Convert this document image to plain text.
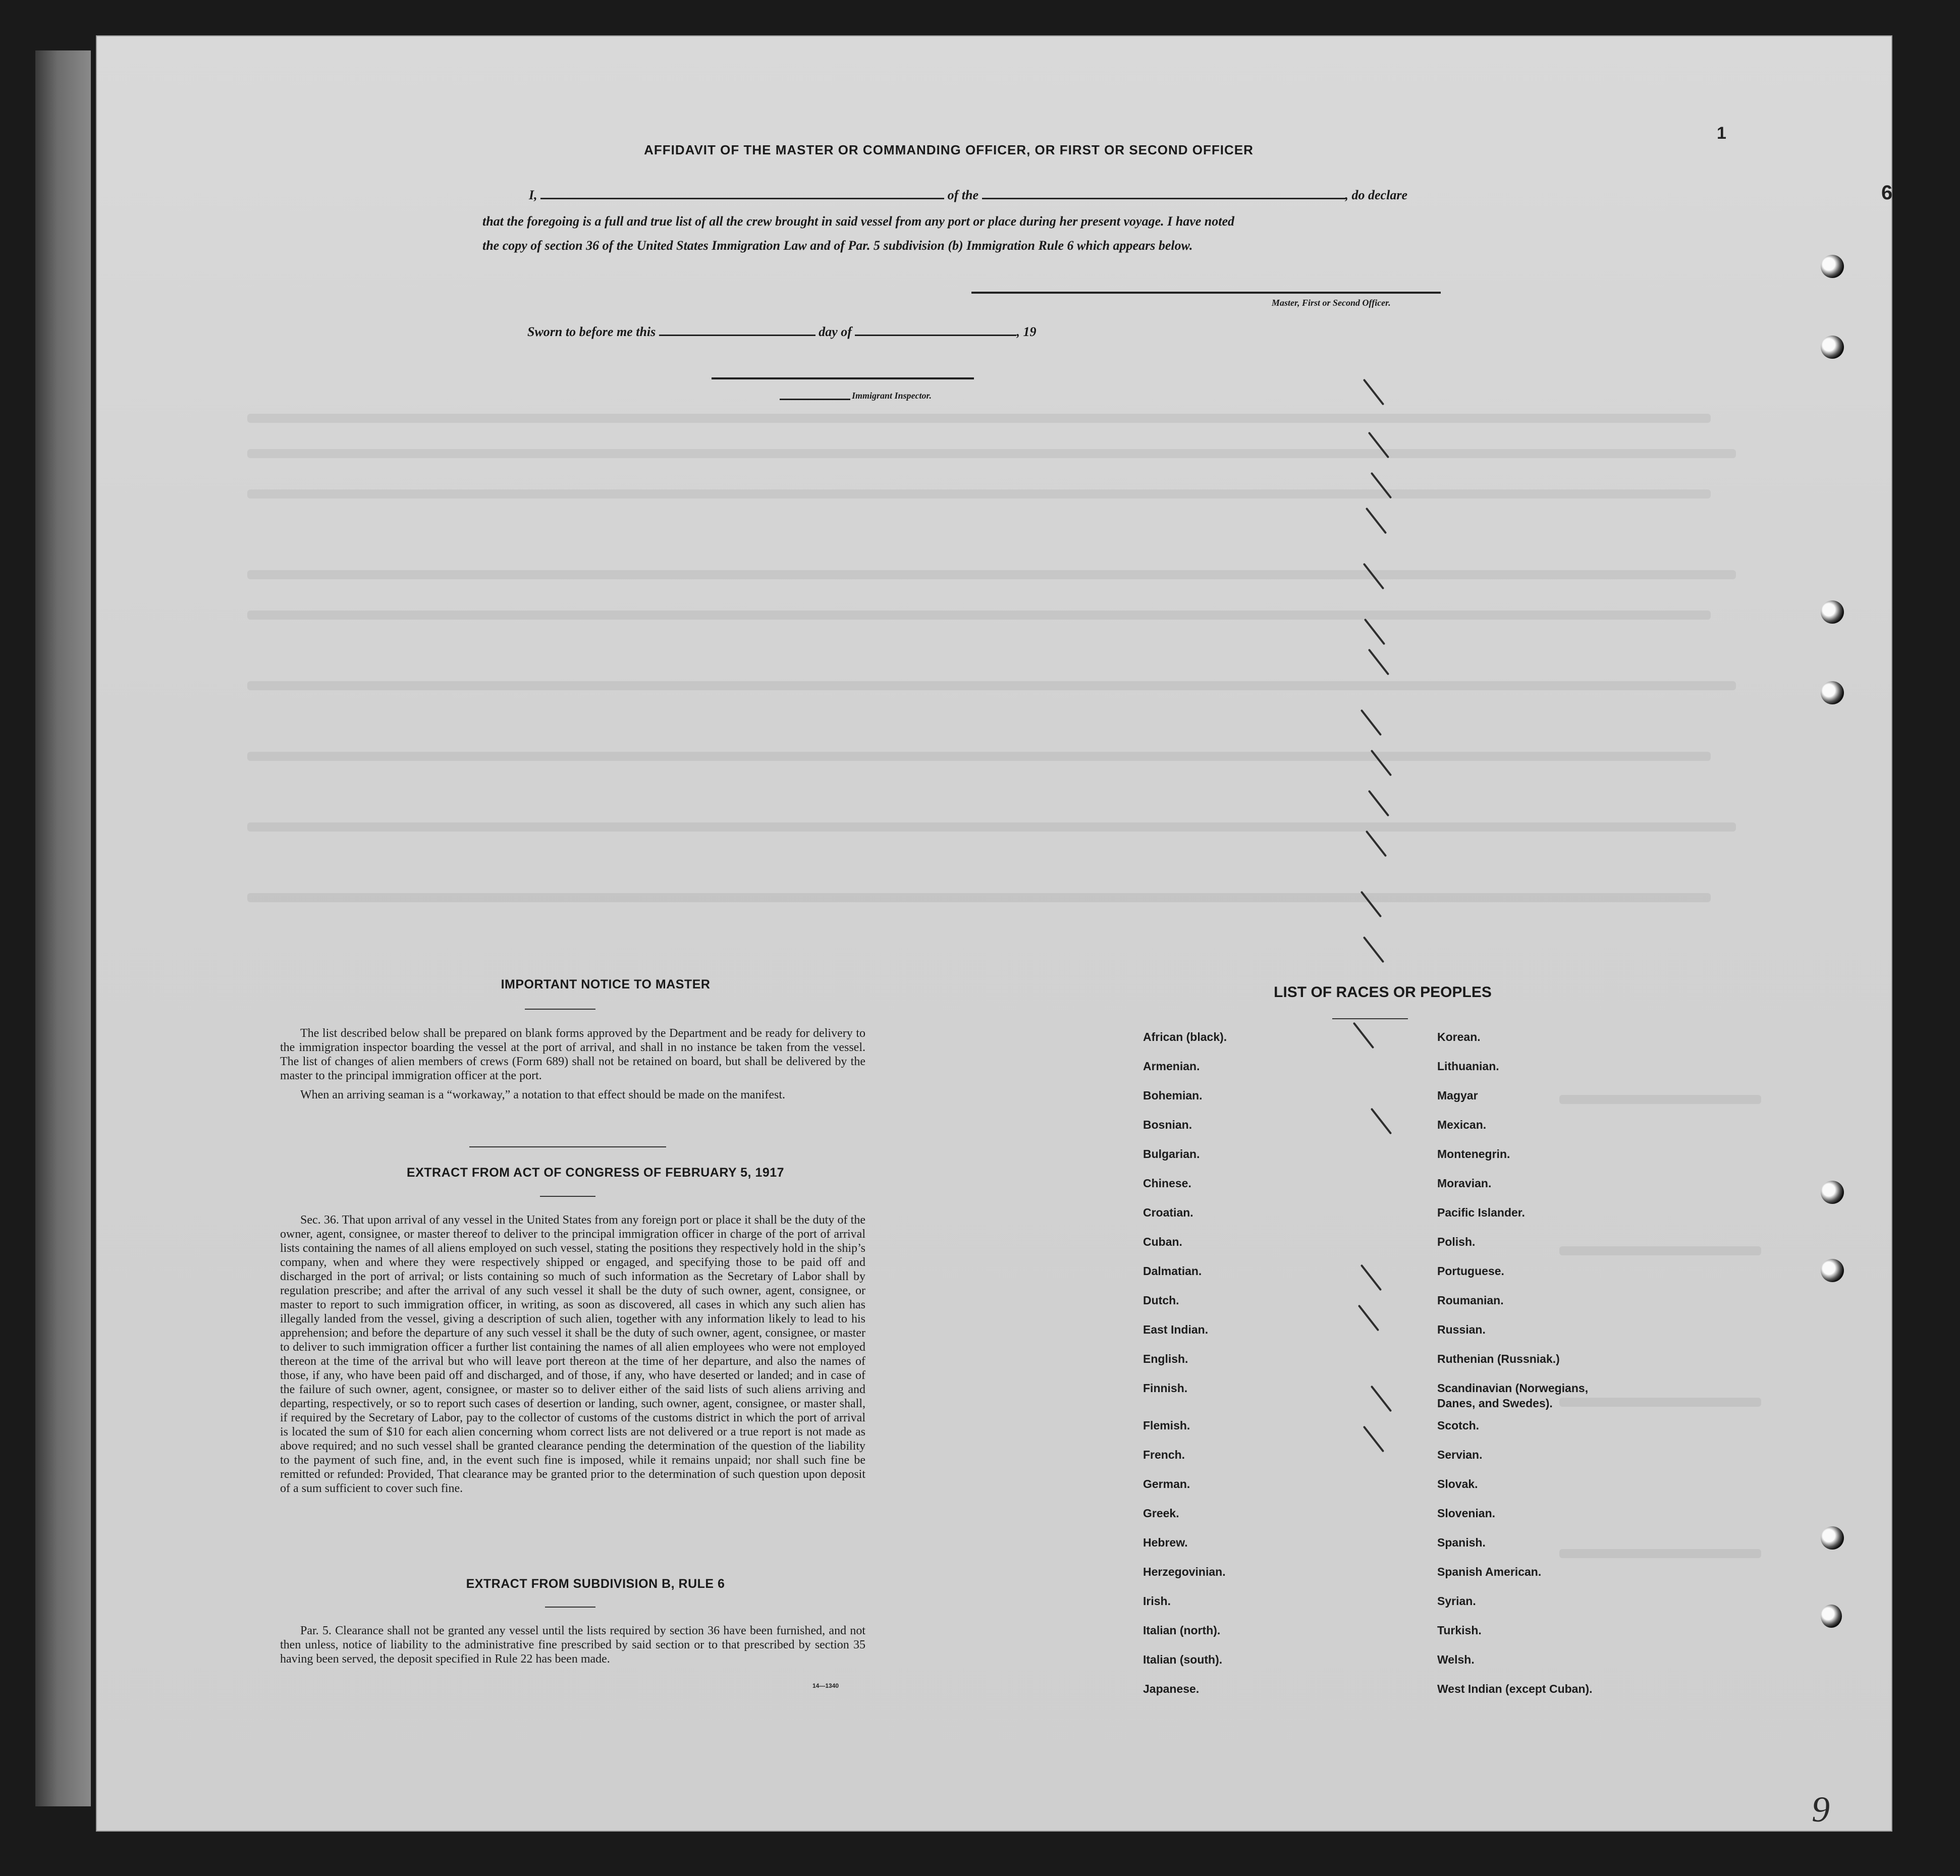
AFFIDAVIT OF THE MASTER OR COMMANDING OFFICER, OR FIRST OR SECOND OFFICER
I,	of the	, do declare
that the foregoing is a full and true list of all the crew brought in said vessel from any port or place during her present voyage. I have noted
the copy of section 36 of the United States Immigration Law and of Par. 5 subdivision (b) Immigration Rule 6 which appears below.
Master, First or Second Officer.
Sworn to before me this	day of	, 19
Immigrant Inspector.
IMPORTANT NOTICE TO MASTER

The list described below shall be prepared on blank forms approved by the Department and be ready for delivery to the immigration inspector boarding the vessel at the port of arrival, and shall in no instance be taken from the vessel. The list of changes of alien members of crews (Form 689) shall not be retained on board, but shall be delivered by the master to the principal immigration officer at the port.

When an arriving seaman is a “workaway,” a notation to that effect should be made on the manifest.

EXTRACT FROM ACT OF CONGRESS OF FEBRUARY 5, 1917

Sec. 36. That upon arrival of any vessel in the United States from any foreign port or place it shall be the duty of the owner, agent, consignee, or master thereof to deliver to the principal immigration officer in charge of the port of arrival lists containing the names of all aliens employed on such vessel, stating the positions they respectively hold in the ship’s company, when and where they were respectively shipped or engaged, and specifying those to be paid off and discharged in the port of arrival; or lists containing so much of such information as the Secretary of Labor shall by regulation prescribe; and after the arrival of any such vessel it shall be the duty of such owner, agent, consignee, or master to report to such immigration officer, in writing, as soon as discovered, all cases in which any such alien has illegally landed from the vessel, giving a description of such alien, together with any information likely to lead to his apprehension; and before the departure of any such vessel it shall be the duty of such owner, agent, consignee, or master to deliver to such immigration officer a further list containing the names of all alien employees who were not employed thereon at the time of the arrival but who will leave port thereon at the time of her departure, and also the names of those, if any, who have been paid off and discharged, and of those, if any, who have deserted or landed; and in case of the failure of such owner, agent, consignee, or master so to deliver either of the said lists of such aliens arriving and departing, respectively, or so to report such cases of desertion or landing, such owner, agent, consignee, or master shall, if required by the Secretary of Labor, pay to the collector of customs of the customs district in which the port of arrival is located the sum of $10 for each alien concerning whom correct lists are not delivered or a true report is not made as above required; and no such vessel shall be granted clearance pending the determination of the question of the liability to the payment of such fine, and, in the event such fine is imposed, while it remains unpaid; nor shall such fine be remitted or refunded: Provided, That clearance may be granted prior to the determination of such question upon deposit of a sum sufficient to cover such fine.

EXTRACT FROM SUBDIVISION B, RULE 6

Par. 5. Clearance shall not be granted any vessel until the lists required by section 36 have been furnished, and not then unless, notice of liability to the administrative fine prescribed by said section or to that prescribed by section 35 having been served, the deposit specified in Rule 22 has been made.

14—1340
LIST OF RACES OR PEOPLES
African (black).
Armenian.
Bohemian.
Bosnian.
Bulgarian.
Chinese.
Croatian.
Cuban.
Dalmatian.
Dutch.
East Indian.
English.
Finnish.
Flemish.
French.
German.
Greek.
Hebrew.
Herzegovinian.
Irish.
Italian (north).
Italian (south).
Japanese.
Korean.
Lithuanian.
Magyar
Mexican.
Montenegrin.
Moravian.
Pacific Islander.
Polish.
Portuguese.
Roumanian.
Russian.
Ruthenian (Russniak.)
Scandinavian (Norwegians,
Danes, and Swedes).
Scotch.
Servian.
Slovak.
Slovenian.
Spanish.
Spanish American.
Syrian.
Turkish.
Welsh.
West Indian (except Cuban).
6
1
9
